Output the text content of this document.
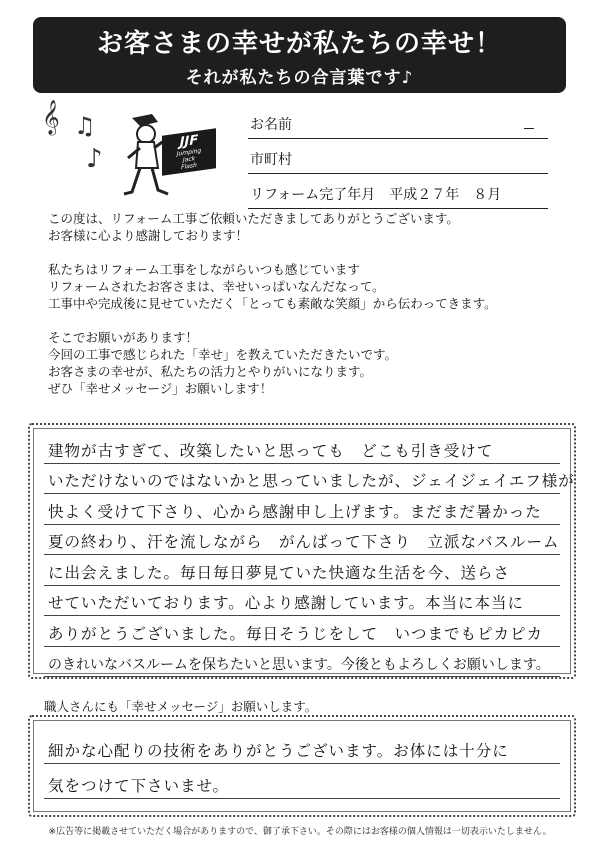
お客さまの幸せが私たちの幸せ！
それが私たちの合言葉です♪
𝄞 ♫
♪
JJF
Jumping
Jack
Flash
お名前
市町村
リフォーム完了年月　平成２７年　８月

この度は、リフォーム工事ご依頼いただきましてありがとうございます。

お客様に心より感謝しております！

私たちはリフォーム工事をしながらいつも感じています

リフォームされたお客さまは、幸せいっぱいなんだなって。

工事中や完成後に見せていただく「とっても素敵な笑顔」から伝わってきます。

そこでお願いがあります！

今回の工事で感じられた「幸せ」を教えていただきたいです。

お客さまの幸せが、私たちの活力とやりがいになります。

ぜひ「幸せメッセージ」お願いします！

建物が古すぎて、改築したいと思っても　どこも引き受けて
いただけないのではないかと思っていましたが、ジェイジェイエフ様が
快よく受けて下さり、心から感謝申し上げます。まだまだ暑かった
夏の終わり、汗を流しながら　がんばって下さり　立派なバスルーム
に出会えました。毎日毎日夢見ていた快適な生活を今、送らさ
せていただいております。心より感謝しています。本当に本当に
ありがとうございました。毎日そうじをして　いつまでもピカピカ
のきれいなバスルームを保ちたいと思います。今後ともよろしくお願いします。
職人さんにも「幸せメッセージ」お願いします。
細かな心配りの技術をありがとうございます。お体には十分に
気をつけて下さいませ。
※広告等に掲載させていただく場合がありますので、御了承下さい。その際にはお客様の個人情報は一切表示いたしません。
